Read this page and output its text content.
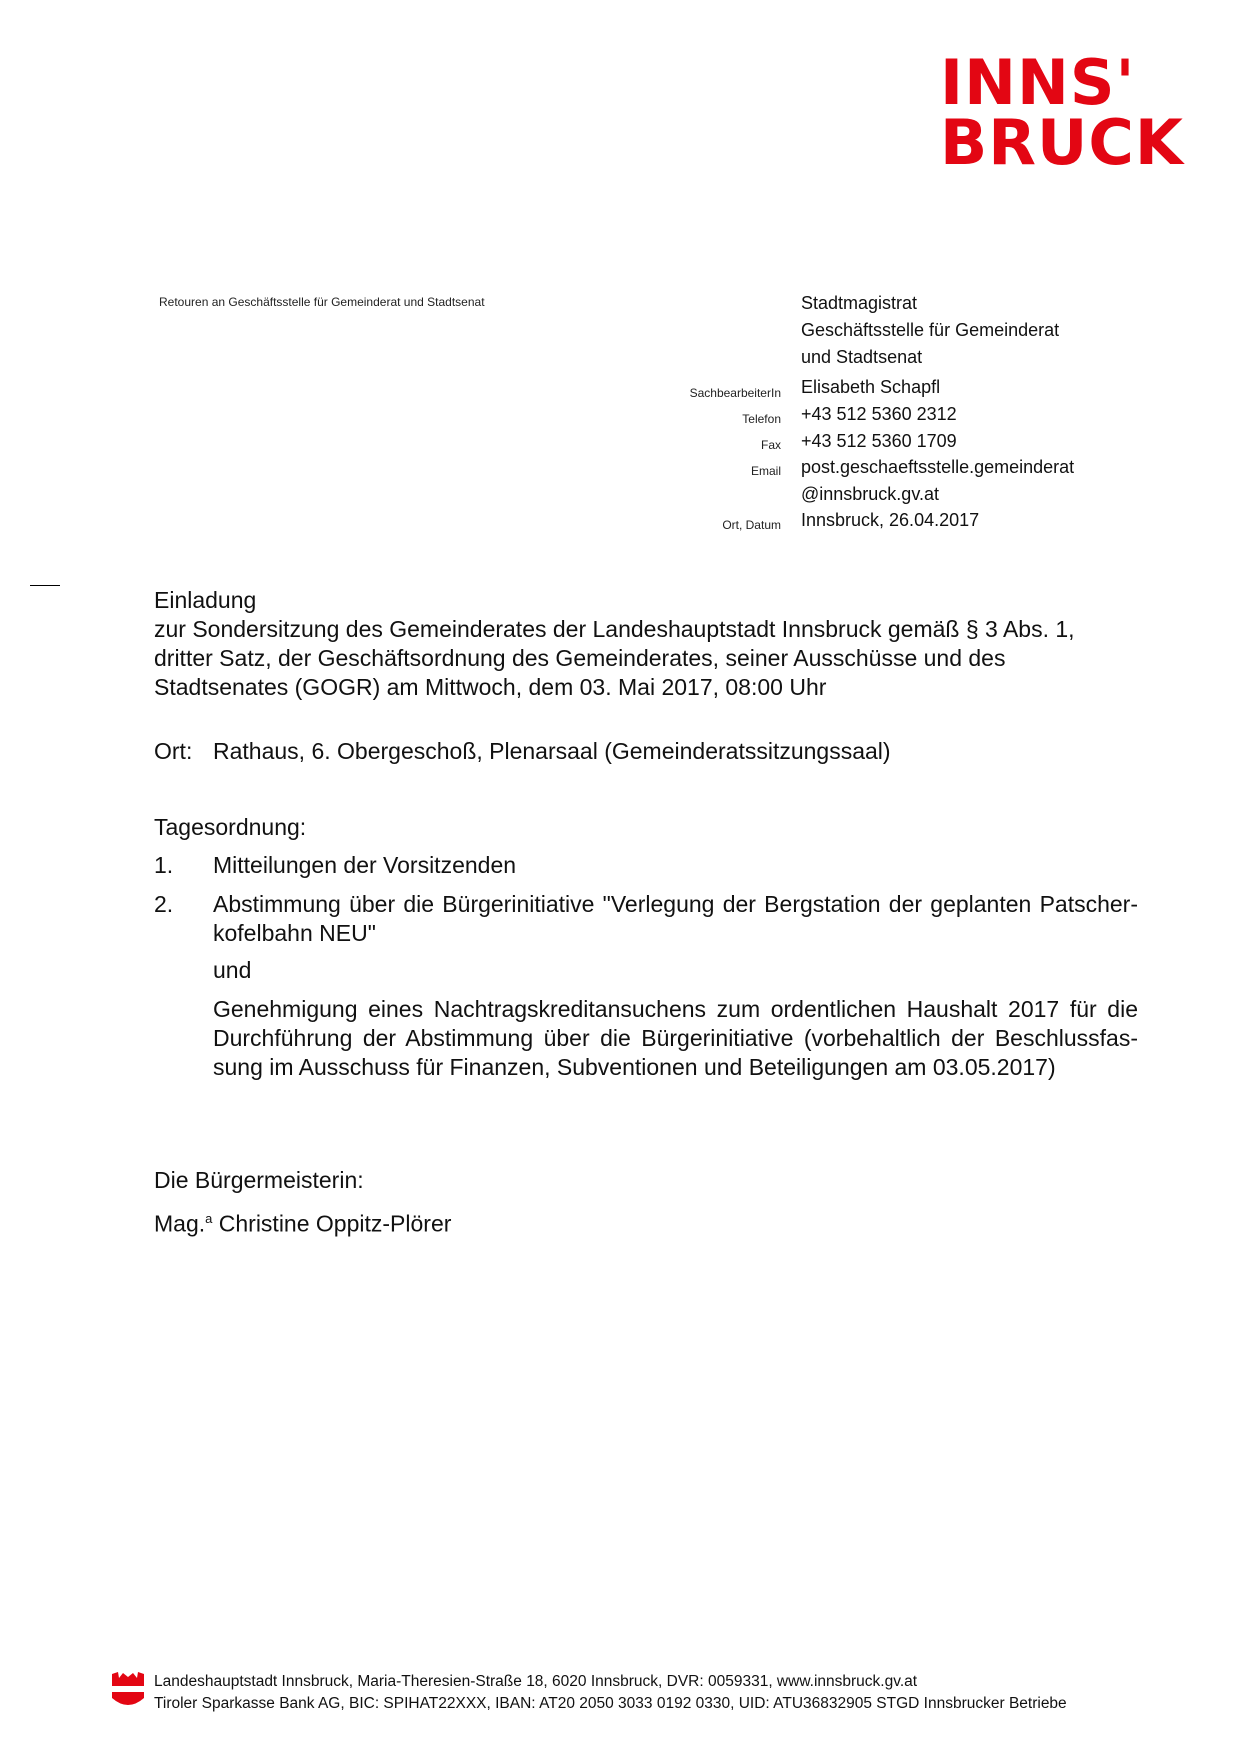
INNS'
BRUCK
Retouren an Geschäftsstelle für Gemeinderat und Stadtsenat	Stadtmagistrat
Geschäftsstelle für Gemeinderat
und Stadtsenat
SachbearbeiterIn Elisabeth Schapfl
Telefon +43 512 5360 2312
Fax +43 512 5360 1709
Email post.geschaeftsstelle.gemeinderat
@innsbruck.gv.at
Ort, Datum Innsbruck, 26.04.2017
Einladung
zur Sondersitzung des Gemeinderates der Landeshauptstadt Innsbruck gemäß § 3 Abs. 1,
dritter Satz, der Geschäftsordnung des Gemeinderates, seiner Ausschüsse und des
Stadtsenates (GOGR) am Mittwoch, dem 03. Mai 2017, 08:00 Uhr
Ort: Rathaus, 6. Obergeschoß, Plenarsaal (Gemeinderatssitzungssaal)
Tagesordnung:
1. Mitteilungen der Vorsitzenden
2. Abstimmung über die Bürgerinitiative "Verlegung der Bergstation der geplanten Patscher-kofelbahn NEU"
und
Genehmigung eines Nachtragskreditansuchens zum ordentlichen Haushalt 2017 für die Durchführung der Abstimmung über die Bürgerinitiative (vorbehaltlich der Beschlussfas-sung im Ausschuss für Finanzen, Subventionen und Beteiligungen am 03.05.2017)
Die Bürgermeisterin:
Mag.$^a$ Christine Oppitz-Plörer
Landeshauptstadt Innsbruck, Maria-Theresien-Straße 18, 6020 Innsbruck, DVR: 0059331, www.innsbruck.gv.at
Tiroler Sparkasse Bank AG, BIC: SPIHAT22XXX, IBAN: AT20 2050 3033 0192 0330, UID: ATU36832905 STGD Innsbrucker Betriebe
